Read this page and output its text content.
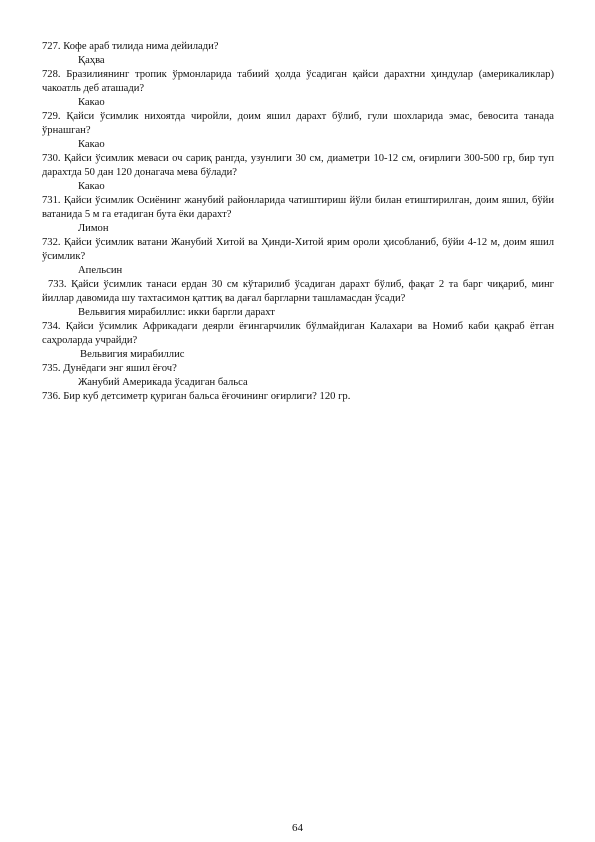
727. Кофе араб тилида нима дейилади?

Қаҳва

728. Бразилиянинг тропик ўрмонларида табиий ҳолда ўсадиган қайси дарахтни ҳиндулар (америкаликлар) чакоатль деб аташади?

Какао

729. Қайси ўсимлик нихоятда чиройли, доим яшил дарахт бўлиб, гули шохларида эмас, бевосита танада ўрнашган?

Какао

730. Қайси ўсимлик меваси оч сариқ рангда, узунлиги 30 см, диаметри 10-12 см, оғирлиги 300-500 гр, бир туп дарахтда 50 дан 120 донагача мева бўлади?

Какао

731. Қайси ўсимлик Осиёнинг жанубий районларида чатиштириш йўли билан етиштирилган, доим яшил, бўйи ватанида 5 м га етадиган бута ёки дарахт?

Лимон

732. Қайси ўсимлик ватани Жанубий Хитой ва Ҳинди-Хитой ярим ороли ҳисобланиб, бўйи 4-12 м, доим яшил ўсимлик?

Апельсин

733. Қайси ўсимлик танаси ердан 30 см кўтарилиб ўсадиган дарахт бўлиб, фақат 2 та барг чиқариб, минг йиллар давомида шу тахтасимон қаттиқ ва дағал баргларни ташламасдан ўсади?

Вельвигия мирабиллис: икки баргли дарахт

734. Қайси ўсимлик Африкадаги деярли ёғингарчилик бўлмайдиган Калахари ва Номиб каби қақраб ётган саҳроларда учрайди?

Вельвигия мирабиллис

735. Дунёдаги энг яшил ёғоч?

Жанубий Америкада ўсадиган бальса

736. Бир куб детсиметр қуриган бальса ёғочининг оғирлиги? 120 гр.

64
